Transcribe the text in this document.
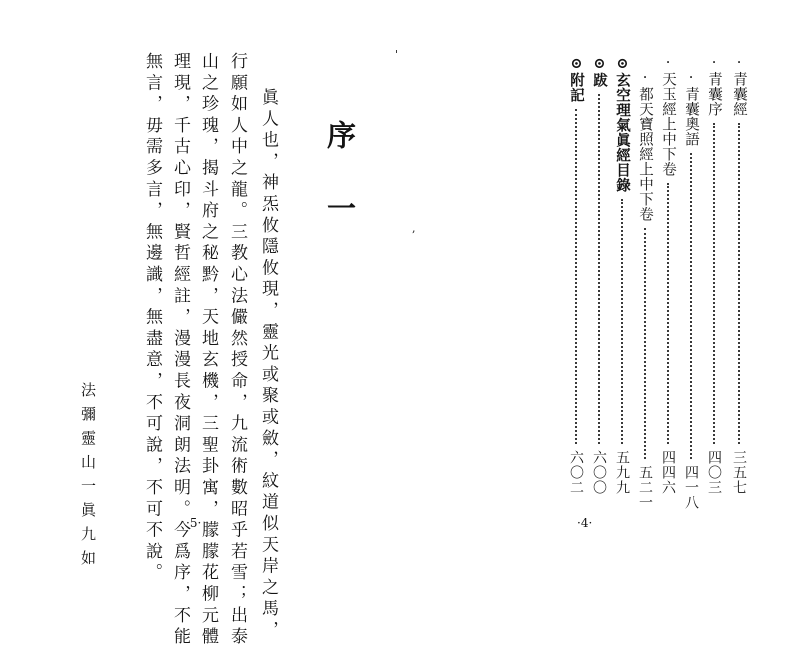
序一
眞人也，神炁攸隱攸現，靈光或聚或斂，紋道似天岸之馬，
行願如人中之龍。三教心法儼然授命，九流術數昭乎若雪；出泰
山之珍瑰，揭斗府之秘黔，天地玄機，三聖卦寓，朦朦花柳元體
理現，千古心印，賢哲經註，漫漫長夜洞朗法明。今爲序，不能
無言，毋需多言，無邊識，無盡意，不可說，不可不說。
法彌靈山一眞九如	·5·
'
,
·青囊經
三五七
·青囊序
四〇三
·青囊奧語
四一八
·天玉經上中下卷
四四六
·都天寶照經上中下卷
五二一
⊙玄空理氣眞經目錄
五九九
⊙跋
六〇〇
⊙附記
六〇二
·4·
